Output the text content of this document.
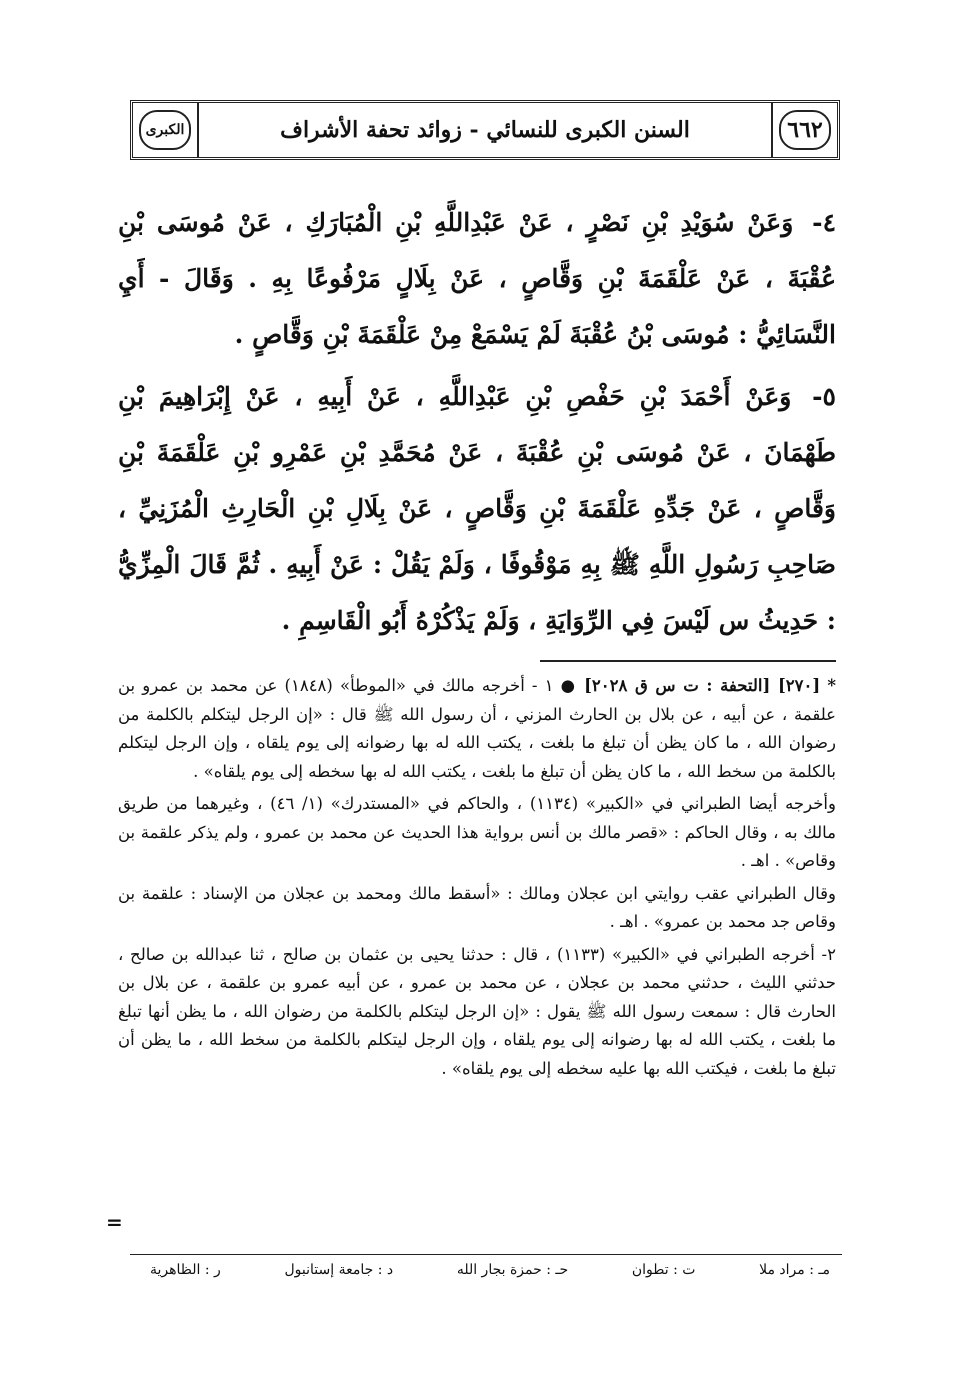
الكبرى	السنن الكبرى للنسائي - زوائد تحفة الأشراف	٦٦٢

٤- وَعَنْ سُوَيْدِ بْنِ نَصْرٍ ، عَنْ عَبْدِاللَّهِ بْنِ الْمُبَارَكِ ، عَنْ مُوسَى بْنِ عُقْبَةَ ، عَنْ عَلْقَمَةَ بْنِ وَقَّاصٍ ، عَنْ بِلَالٍ مَرْفُوعًا بِهِ . وَقَالَ - أَيِ النَّسَائِيُّ : مُوسَى بْنُ عُقْبَةَ لَمْ يَسْمَعْ مِنْ عَلْقَمَةَ بْنِ وَقَّاصٍ .

٥- وَعَنْ أَحْمَدَ بْنِ حَفْصِ بْنِ عَبْدِاللَّهِ ، عَنْ أَبِيهِ ، عَنْ إِبْرَاهِيمَ بْنِ طَهْمَانَ ، عَنْ مُوسَى بْنِ عُقْبَةَ ، عَنْ مُحَمَّدِ بْنِ عَمْرِو بْنِ عَلْقَمَةَ بْنِ وَقَّاصٍ ، عَنْ جَدِّهِ عَلْقَمَةَ بْنِ وَقَّاصٍ ، عَنْ بِلَالِ بْنِ الْحَارِثِ الْمُزَنِيِّ ، صَاحِبِ رَسُولِ اللَّهِ ﷺ بِهِ مَوْقُوفًا ، وَلَمْ يَقُلْ : عَنْ أَبِيهِ . ثُمَّ قَالَ الْمِزِّيُّ : حَدِيثُ س لَيْسَ فِي الرِّوَايَةِ ، وَلَمْ يَذْكُرْهُ أَبُو الْقَاسِمِ .

* [٢٧٠] [التحفة : ت س ق ٢٠٢٨] ● ١ - أخرجه مالك في «الموطأ» (١٨٤٨) عن محمد بن عمرو بن علقمة ، عن أبيه ، عن بلال بن الحارث المزني ، أن رسول الله ﷺ قال : «إن الرجل ليتكلم بالكلمة من رضوان الله ، ما كان يظن أن تبلغ ما بلغت ، يكتب الله له بها رضوانه إلى يوم يلقاه ، وإن الرجل ليتكلم بالكلمة من سخط الله ، ما كان يظن أن تبلغ ما بلغت ، يكتب الله له بها سخطه إلى يوم يلقاه» .

وأخرجه أيضا الطبراني في «الكبير» (١١٣٤) ، والحاكم في «المستدرك» (١/ ٤٦) ، وغيرهما من طريق مالك به ، وقال الحاكم : «قصر مالك بن أنس برواية هذا الحديث عن محمد بن عمرو ، ولم يذكر علقمة بن وقاص» . اهـ .

وقال الطبراني عقب روايتي ابن عجلان ومالك : «أسقط مالك ومحمد بن عجلان من الإسناد : علقمة بن وقاص جد محمد بن عمرو» . اهـ .

٢- أخرجه الطبراني في «الكبير» (١١٣٣) ، قال : حدثنا يحيى بن عثمان بن صالح ، ثنا عبدالله بن صالح ، حدثني الليث ، حدثني محمد بن عجلان ، عن محمد بن عمرو ، عن أبيه عمرو بن علقمة ، عن بلال بن الحارث قال : سمعت رسول الله ﷺ يقول : «إن الرجل ليتكلم بالكلمة من رضوان الله ، ما يظن أنها تبلغ ما بلغت ، يكتب الله له بها رضوانه إلى يوم يلقاه ، وإن الرجل ليتكلم بالكلمة من سخط الله ، ما يظن أن تبلغ ما بلغت ، فيكتب الله بها عليه سخطه إلى يوم يلقاه» .

=
مـ : مراد ملا
ت : تطوان
حـ : حمزة بجار الله
د : جامعة إستانبول
ر : الظاهرية
